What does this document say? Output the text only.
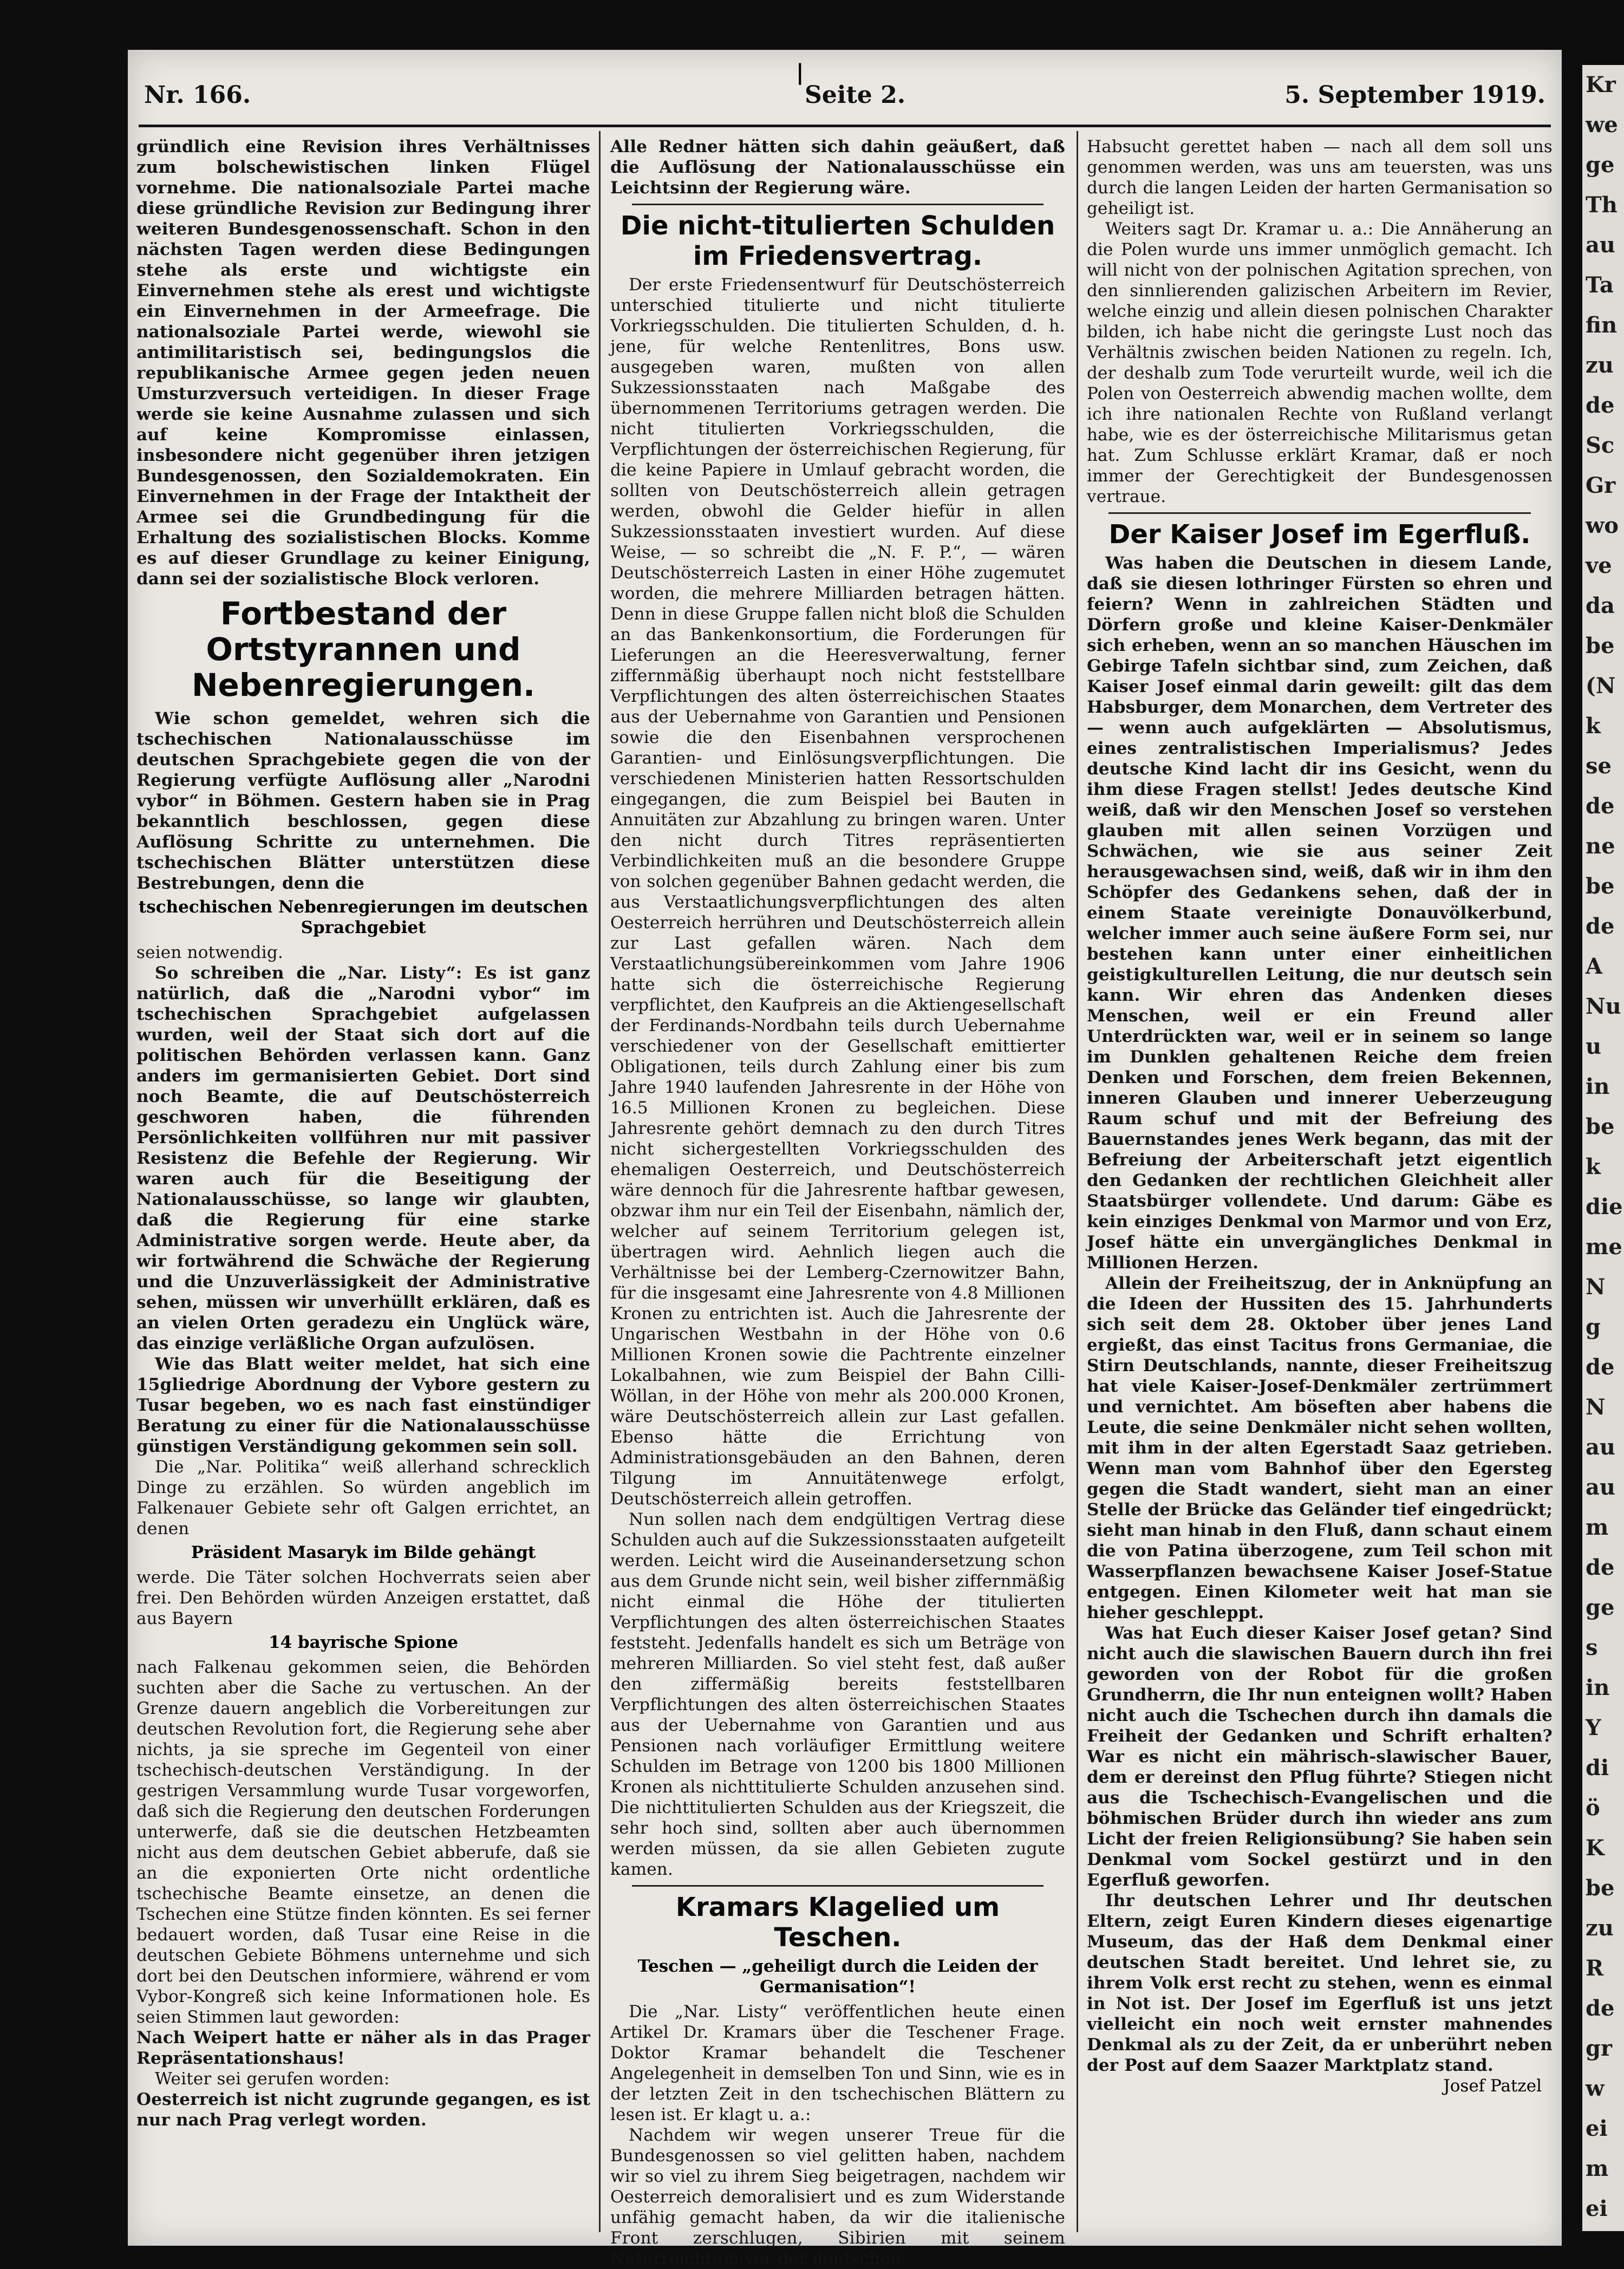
|
Nr. 166.	Seite 2.	5. September 1919.

gründlich eine Revision ihres Verhältnisses zum bolschewistischen linken Flügel vornehme. Die nationalsoziale Partei mache diese gründliche Revision zur Bedingung ihrer weiteren Bundesgenossenschaft. Schon in den nächsten Tagen werden diese Bedingungen stehe als erste und wichtigste ein Einvernehmen stehe als erest und wichtigste ein Einvernehmen in der Armeefrage. Die nationalsoziale Partei werde, wiewohl sie antimilitaristisch sei, bedingungslos die republikanische Armee gegen jeden neuen Umsturzversuch verteidigen. In dieser Frage werde sie keine Ausnahme zulassen und sich auf keine Kompromisse einlassen, insbesondere nicht gegenüber ihren jetzigen Bundesgenossen, den Sozialdemokraten. Ein Einvernehmen in der Frage der Intaktheit der Armee sei die Grundbedingung für die Erhaltung des sozialistischen Blocks. Komme es auf dieser Grundlage zu keiner Einigung, dann sei der sozialistische Block verloren.

Fortbestand der Ortstyrannen und Nebenregierungen.

Wie schon gemeldet, wehren sich die tschechischen Nationalausschüsse im deutschen Sprachgebiete gegen die von der Regierung verfügte Auflösung aller „Narodni vybor“ in Böhmen. Gestern haben sie in Prag bekanntlich beschlossen, gegen diese Auflösung Schritte zu unternehmen. Die tschechischen Blätter unterstützen diese Bestrebungen, denn die

tschechischen Nebenregierungen im deutschen Sprachgebiet

seien notwendig.

So schreiben die „Nar. Listy“: Es ist ganz natürlich, daß die „Narodni vybor“ im tschechischen Sprachgebiet aufgelassen wurden, weil der Staat sich dort auf die politischen Behörden verlassen kann. Ganz anders im germanisierten Gebiet. Dort sind noch Beamte, die auf Deutschösterreich geschworen haben, die führenden Persönlichkeiten vollführen nur mit passiver Resistenz die Befehle der Regierung. Wir waren auch für die Beseitigung der Nationalausschüsse, so lange wir glaubten, daß die Regierung für eine starke Administrative sorgen werde. Heute aber, da wir fortwährend die Schwäche der Regierung und die Unzuverlässigkeit der Administrative sehen, müssen wir unverhüllt erklären, daß es an vielen Orten geradezu ein Unglück wäre, das einzige verläßliche Organ aufzulösen.

Wie das Blatt weiter meldet, hat sich eine 15gliedrige Abordnung der Vybore gestern zu Tusar begeben, wo es nach fast einstündiger Beratung zu einer für die Nationalausschüsse günstigen Verständigung gekommen sein soll.

Die „Nar. Politika“ weiß allerhand schrecklich Dinge zu erzählen. So würden angeblich im Falkenauer Gebiete sehr oft Galgen errichtet, an denen

Präsident Masaryk im Bilde gehängt

werde. Die Täter solchen Hochverrats seien aber frei. Den Behörden würden Anzeigen erstattet, daß aus Bayern

14 bayrische Spione

nach Falkenau gekommen seien, die Behörden suchten aber die Sache zu vertuschen. An der Grenze dauern angeblich die Vorbereitungen zur deutschen Revolution fort, die Regierung sehe aber nichts, ja sie spreche im Gegenteil von einer tschechisch-deutschen Verständigung. In der gestrigen Versammlung wurde Tusar vorgeworfen, daß sich die Regierung den deutschen Forderungen unterwerfe, daß sie die deutschen Hetzbeamten nicht aus dem deutschen Gebiet abberufe, daß sie an die exponierten Orte nicht ordentliche tschechische Beamte einsetze, an denen die Tschechen eine Stütze finden könnten. Es sei ferner bedauert worden, daß Tusar eine Reise in die deutschen Gebiete Böhmens unternehme und sich dort bei den Deutschen informiere, während er vom Vybor-Kongreß sich keine Informationen hole. Es seien Stimmen laut geworden:

Nach Weipert hatte er näher als in das Prager Repräsentationshaus!

Weiter sei gerufen worden:

Oesterreich ist nicht zugrunde gegangen, es ist nur nach Prag verlegt worden.

Alle Redner hätten sich dahin geäußert, daß die Auflösung der Nationalausschüsse ein Leichtsinn der Regierung wäre.

Die nicht-titulierten Schulden im Friedensvertrag.

Der erste Friedensentwurf für Deutschösterreich unterschied titulierte und nicht titulierte Vorkriegsschulden. Die titulierten Schulden, d. h. jene, für welche Rentenlitres, Bons usw. ausgegeben waren, mußten von allen Sukzessionsstaaten nach Maßgabe des übernommenen Territoriums getragen werden. Die nicht titulierten Vorkriegsschulden, die Verpflichtungen der österreichischen Regierung, für die keine Papiere in Umlauf gebracht worden, die sollten von Deutschösterreich allein getragen werden, obwohl die Gelder hiefür in allen Sukzessionsstaaten investiert wurden. Auf diese Weise, — so schreibt die „N. F. P.“, — wären Deutschösterreich Lasten in einer Höhe zugemutet worden, die mehrere Milliarden betragen hätten. Denn in diese Gruppe fallen nicht bloß die Schulden an das Bankenkonsortium, die Forderungen für Lieferungen an die Heeresverwaltung, ferner ziffernmäßig überhaupt noch nicht feststellbare Verpflichtungen des alten österreichischen Staates aus der Uebernahme von Garantien und Pensionen sowie die den Eisenbahnen versprochenen Garantien- und Einlösungsverpflichtungen. Die verschiedenen Ministerien hatten Ressortschulden eingegangen, die zum Beispiel bei Bauten in Annuitäten zur Abzahlung zu bringen waren. Unter den nicht durch Titres repräsentierten Verbindlichkeiten muß an die besondere Gruppe von solchen gegenüber Bahnen gedacht werden, die aus Verstaatlichungsverpflichtungen des alten Oesterreich herrühren und Deutschösterreich allein zur Last gefallen wären. Nach dem Verstaatlichungsübereinkommen vom Jahre 1906 hatte sich die österreichische Regierung verpflichtet, den Kaufpreis an die Aktiengesellschaft der Ferdinands-Nordbahn teils durch Uebernahme verschiedener von der Gesellschaft emittierter Obligationen, teils durch Zahlung einer bis zum Jahre 1940 laufenden Jahresrente in der Höhe von 16.5 Millionen Kronen zu begleichen. Diese Jahresrente gehört demnach zu den durch Titres nicht sichergestellten Vorkriegsschulden des ehemaligen Oesterreich, und Deutschösterreich wäre dennoch für die Jahresrente haftbar gewesen, obzwar ihm nur ein Teil der Eisenbahn, nämlich der, welcher auf seinem Territorium gelegen ist, übertragen wird. Aehnlich liegen auch die Verhältnisse bei der Lemberg-Czernowitzer Bahn, für die insgesamt eine Jahresrente von 4.8 Millionen Kronen zu entrichten ist. Auch die Jahresrente der Ungarischen Westbahn in der Höhe von 0.6 Millionen Kronen sowie die Pachtrente einzelner Lokalbahnen, wie zum Beispiel der Bahn Cilli-Wöllan, in der Höhe von mehr als 200.000 Kronen, wäre Deutschösterreich allein zur Last gefallen. Ebenso hätte die Errichtung von Administrationsgebäuden an den Bahnen, deren Tilgung im Annuitätenwege erfolgt, Deutschösterreich allein getroffen.

Nun sollen nach dem endgültigen Vertrag diese Schulden auch auf die Sukzessionsstaaten aufgeteilt werden. Leicht wird die Auseinandersetzung schon aus dem Grunde nicht sein, weil bisher ziffernmäßig nicht einmal die Höhe der titulierten Verpflichtungen des alten österreichischen Staates feststeht. Jedenfalls handelt es sich um Beträge von mehreren Milliarden. So viel steht fest, daß außer den ziffermäßig bereits feststellbaren Verpflichtungen des alten österreichischen Staates aus der Uebernahme von Garantien und aus Pensionen nach vorläufiger Ermittlung weitere Schulden im Betrage von 1200 bis 1800 Millionen Kronen als nichttitulierte Schulden anzusehen sind. Die nichttitulierten Schulden aus der Kriegszeit, die sehr hoch sind, sollten aber auch übernommen werden müssen, da sie allen Gebieten zugute kamen.

Kramars Klagelied um Teschen.
Teschen — „geheiligt durch die Leiden der Germanisation“!

Die „Nar. Listy“ veröffentlichen heute einen Artikel Dr. Kramars über die Teschener Frage. Doktor Kramar behandelt die Teschener Angelegenheit in demselben Ton und Sinn, wie es in der letzten Zeit in den tschechischen Blättern zu lesen ist. Er klagt u. a.:

Nachdem wir wegen unserer Treue für die Bundesgenossen so viel gelitten haben, nachdem wir so viel zu ihrem Sieg beigetragen, nachdem wir Oesterreich demoralisiert und es zum Widerstande unfähig gemacht haben, da wir die italienische Front zerschlugen, Sibirien mit seinem Naturreichtum vor der deutschen

Habsucht gerettet haben — nach all dem soll uns genommen werden, was uns am teuersten, was uns durch die langen Leiden der harten Germanisation so geheiligt ist.

Weiters sagt Dr. Kramar u. a.: Die Annäherung an die Polen wurde uns immer unmöglich gemacht. Ich will nicht von der polnischen Agitation sprechen, von den sinnlierenden galizischen Arbeitern im Revier, welche einzig und allein diesen polnischen Charakter bilden, ich habe nicht die geringste Lust noch das Verhältnis zwischen beiden Nationen zu regeln. Ich, der deshalb zum Tode verurteilt wurde, weil ich die Polen von Oesterreich abwendig machen wollte, dem ich ihre nationalen Rechte von Rußland verlangt habe, wie es der österreichische Militarismus getan hat. Zum Schlusse erklärt Kramar, daß er noch immer der Gerechtigkeit der Bundesgenossen vertraue.

Der Kaiser Josef im Egerfluß.

Was haben die Deutschen in diesem Lande, daß sie diesen lothringer Fürsten so ehren und feiern? Wenn in zahlreichen Städten und Dörfern große und kleine Kaiser-Denkmäler sich erheben, wenn an so manchen Häuschen im Gebirge Tafeln sichtbar sind, zum Zeichen, daß Kaiser Josef einmal darin geweilt: gilt das dem Habsburger, dem Monarchen, dem Vertreter des — wenn auch aufgeklärten — Absolutismus, eines zentralistischen Imperialismus? Jedes deutsche Kind lacht dir ins Gesicht, wenn du ihm diese Fragen stellst! Jedes deutsche Kind weiß, daß wir den Menschen Josef so verstehen glauben mit allen seinen Vorzügen und Schwächen, wie sie aus seiner Zeit herausgewachsen sind, weiß, daß wir in ihm den Schöpfer des Gedankens sehen, daß der in einem Staate vereinigte Donauvölkerbund, welcher immer auch seine äußere Form sei, nur bestehen kann unter einer einheitlichen geistigkulturellen Leitung, die nur deutsch sein kann. Wir ehren das Andenken dieses Menschen, weil er ein Freund aller Unterdrückten war, weil er in seinem so lange im Dunklen gehaltenen Reiche dem freien Denken und Forschen, dem freien Bekennen, inneren Glauben und innerer Ueberzeugung Raum schuf und mit der Befreiung des Bauernstandes jenes Werk begann, das mit der Befreiung der Arbeiterschaft jetzt eigentlich den Gedanken der rechtlichen Gleichheit aller Staatsbürger vollendete. Und darum: Gäbe es kein einziges Denkmal von Marmor und von Erz, Josef hätte ein unvergängliches Denkmal in Millionen Herzen.

Allein der Freiheitszug, der in Anknüpfung an die Ideen der Hussiten des 15. Jahrhunderts sich seit dem 28. Oktober über jenes Land ergießt, das einst Tacitus frons Germaniae, die Stirn Deutschlands, nannte, dieser Freiheitszug hat viele Kaiser-Josef-Denkmäler zertrümmert und vernichtet. Am böseften aber habens die Leute, die seine Denkmäler nicht sehen wollten, mit ihm in der alten Egerstadt Saaz getrieben. Wenn man vom Bahnhof über den Egersteg gegen die Stadt wandert, sieht man an einer Stelle der Brücke das Geländer tief eingedrückt; sieht man hinab in den Fluß, dann schaut einem die von Patina überzogene, zum Teil schon mit Wasserpflanzen bewachsene Kaiser Josef-Statue entgegen. Einen Kilometer weit hat man sie hieher geschleppt.

Was hat Euch dieser Kaiser Josef getan? Sind nicht auch die slawischen Bauern durch ihn frei geworden von der Robot für die großen Grundherrn, die Ihr nun enteignen wollt? Haben nicht auch die Tschechen durch ihn damals die Freiheit der Gedanken und Schrift erhalten? War es nicht ein mährisch-slawischer Bauer, dem er dereinst den Pflug führte? Stiegen nicht aus die Tschechisch-Evangelischen und die böhmischen Brüder durch ihn wieder ans zum Licht der freien Religionsübung? Sie haben sein Denkmal vom Sockel gestürzt und in den Egerfluß geworfen.

Ihr deutschen Lehrer und Ihr deutschen Eltern, zeigt Euren Kindern dieses eigenartige Museum, das der Haß dem Denkmal einer deutschen Stadt bereitet. Und lehret sie, zu ihrem Volk erst recht zu stehen, wenn es einmal in Not ist. Der Josef im Egerfluß ist uns jetzt vielleicht ein noch weit ernster mahnendes Denkmal als zu der Zeit, da er unberührt neben der Post auf dem Saazer Marktplatz stand.

Josef Patzel
Kr
we
ge
Th
au
Ta
fin
zu
de
Sc
Gr
wo
ve
da
be
(N
k
se
de
ne
be
de
A
Nu
u
in
be
k
die
me
N
g
de
N
au
au
m
de
ge
s
in
Y
di
ö
K
be
zu
R
de
gr
w
ei
m
ei
